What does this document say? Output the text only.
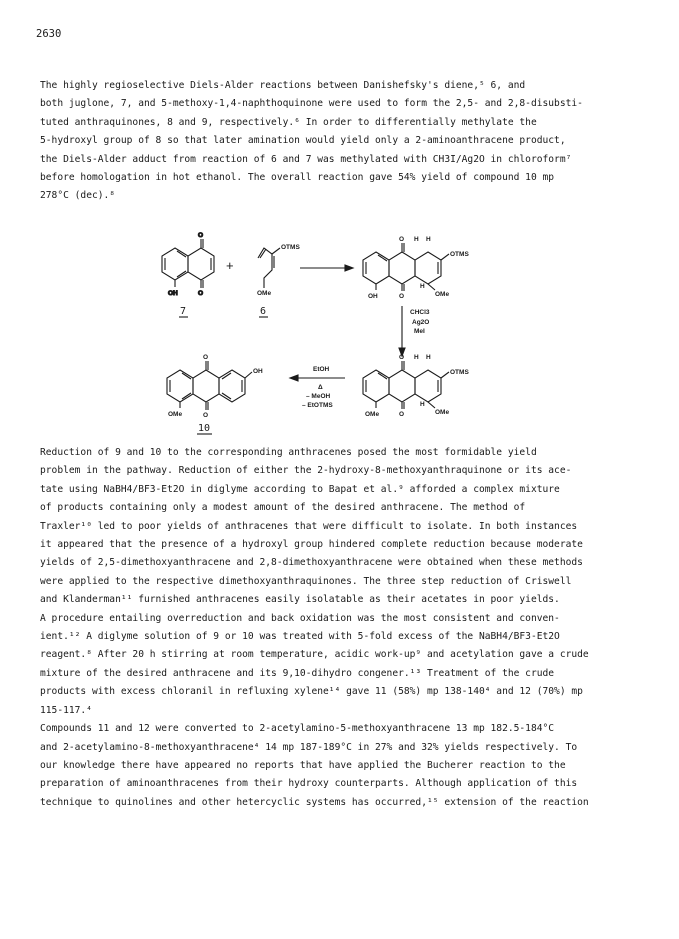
2630

The highly regioselective Diels-Alder reactions between Danishefsky's diene,⁵ 6, and

both juglone, 7, and 5-methoxy-1,4-naphthoquinone were used to form the 2,5- and 2,8-disubsti-

tuted anthraquinones, 8 and 9, respectively.⁶ In order to differentially methylate the

5-hydroxyl group of 8 so that later amination would yield only a 2-aminoanthracene product,

the Diels-Alder adduct from reaction of 6 and 7 was methylated with CH3I/Ag2O in chloroform⁷

before homologation in hot ethanol. The overall reaction gave 54% yield of compound 10 mp

278°C (dec).⁸

O
O
OH
7
+
OTMS
OMe
6
O H H
OTMS
H
OMe
OH	O
CHCl3
Ag2O
MeI
O H H
OTMS
H
OMe
OMe	O
EtOH
Δ
– MeOH
– EtOTMS
O
OH
OMe	O
10

Reduction of 9 and 10 to the corresponding anthracenes posed the most formidable yield

problem in the pathway. Reduction of either the 2-hydroxy-8-methoxyanthraquinone or its ace-

tate using NaBH4/BF3-Et2O in diglyme according to Bapat et al.⁹ afforded a complex mixture

of products containing only a modest amount of the desired anthracene. The method of

Traxler¹⁰ led to poor yields of anthracenes that were difficult to isolate. In both instances

it appeared that the presence of a hydroxyl group hindered complete reduction because moderate

yields of 2,5-dimethoxyanthracene and 2,8-dimethoxyanthracene were obtained when these methods

were applied to the respective dimethoxyanthraquinones. The three step reduction of Criswell

and Klanderman¹¹ furnished anthracenes easily isolatable as their acetates in poor yields.

A procedure entailing overreduction and back oxidation was the most consistent and conven-

ient.¹² A diglyme solution of 9 or 10 was treated with 5-fold excess of the NaBH4/BF3-Et2O

reagent.⁸ After 20 h stirring at room temperature, acidic work-up⁹ and acetylation gave a crude

mixture of the desired anthracene and its 9,10-dihydro congener.¹³ Treatment of the crude

products with excess chloranil in refluxing xylene¹⁴ gave 11 (58%) mp 138-140⁴ and 12 (70%) mp

115-117.⁴

Compounds 11 and 12 were converted to 2-acetylamino-5-methoxyanthracene 13 mp 182.5-184°C

and 2-acetylamino-8-methoxyanthracene⁴ 14 mp 187-189°C in 27% and 32% yields respectively. To

our knowledge there have appeared no reports that have applied the Bucherer reaction to the

preparation of aminoanthracenes from their hydroxy counterparts. Although application of this

technique to quinolines and other hetercyclic systems has occurred,¹⁵ extension of the reaction
